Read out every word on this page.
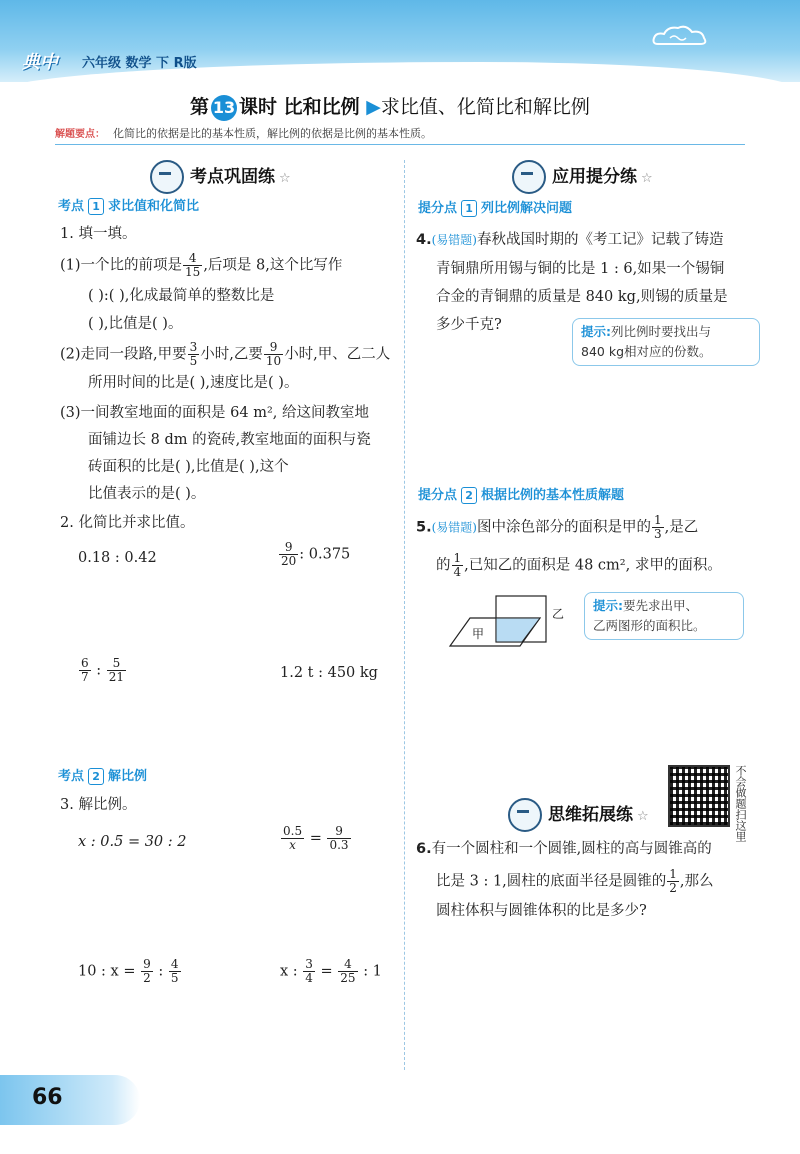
典中 六年级 数学 下 R版
第 13 课时 比和比例 ▶求比值、化简比和解比例
解题要点： 化简比的依据是比的基本性质，解比例的依据是比例的基本性质。
考点巩固练 ☆
考点 1 求比值和化简比
1. 填一填。
(1)一个比的前项是 $\frac{4}{15}$ ,后项是 8,这个比写作
( ):( ),化成最简单的整数比是
( ),比值是( )。
(2)走同一段路,甲要 $\frac{3}{5}$ 小时,乙要 $\frac{9}{10}$ 小时,甲、乙二人
所用时间的比是( ),速度比是( )。
(3)一间教室地面的面积是 64 m², 给这间教室地
面铺边长 8 dm 的瓷砖,教室地面的面积与瓷
砖面积的比是( ),比值是( ),这个
比值表示的是( )。
2. 化简比并求比值。
0.18 : 0.42	$\frac{9}{20}$ : 0.375
$\frac{6}{7}$ : $\frac{5}{21}$	1.2 t : 450 kg
考点 2 解比例
3. 解比例。
x : 0.5 = 30 : 2	$\frac{0.5}{x} = \frac{9}{0.3}$
10 : $x = \frac{9}{2}$ : $\frac{4}{5}$	x : $\frac{3}{4} = \frac{4}{25}$ : 1
应用提分练 ☆
提分点 1 列比例解决问题
4.(易错题)春秋战国时期的《考工记》记载了铸造
青铜鼎所用锡与铜的比是 1 : 6,如果一个锡铜
合金的青铜鼎的质量是 840 kg,则锡的质量是
多少千克?	提示:列比例时要找出与
840 kg相对应的份数。
提分点 2 根据比例的基本性质解题
5.(易错题)图中涂色部分的面积是甲的 $\frac{1}{3}$ ,是乙
的 $\frac{1}{4}$ ,已知乙的面积是 48 cm², 求甲的面积。
甲
乙
提示:要先求出甲、
乙两图形的面积比。
不会做题扫这里
思维拓展练 ☆
6.有一个圆柱和一个圆锥,圆柱的高与圆锥高的
比是 3 : 1,圆柱的底面半径是圆锥的 $\frac{1}{2}$ ,那么
圆柱体积与圆锥体积的比是多少?
66
